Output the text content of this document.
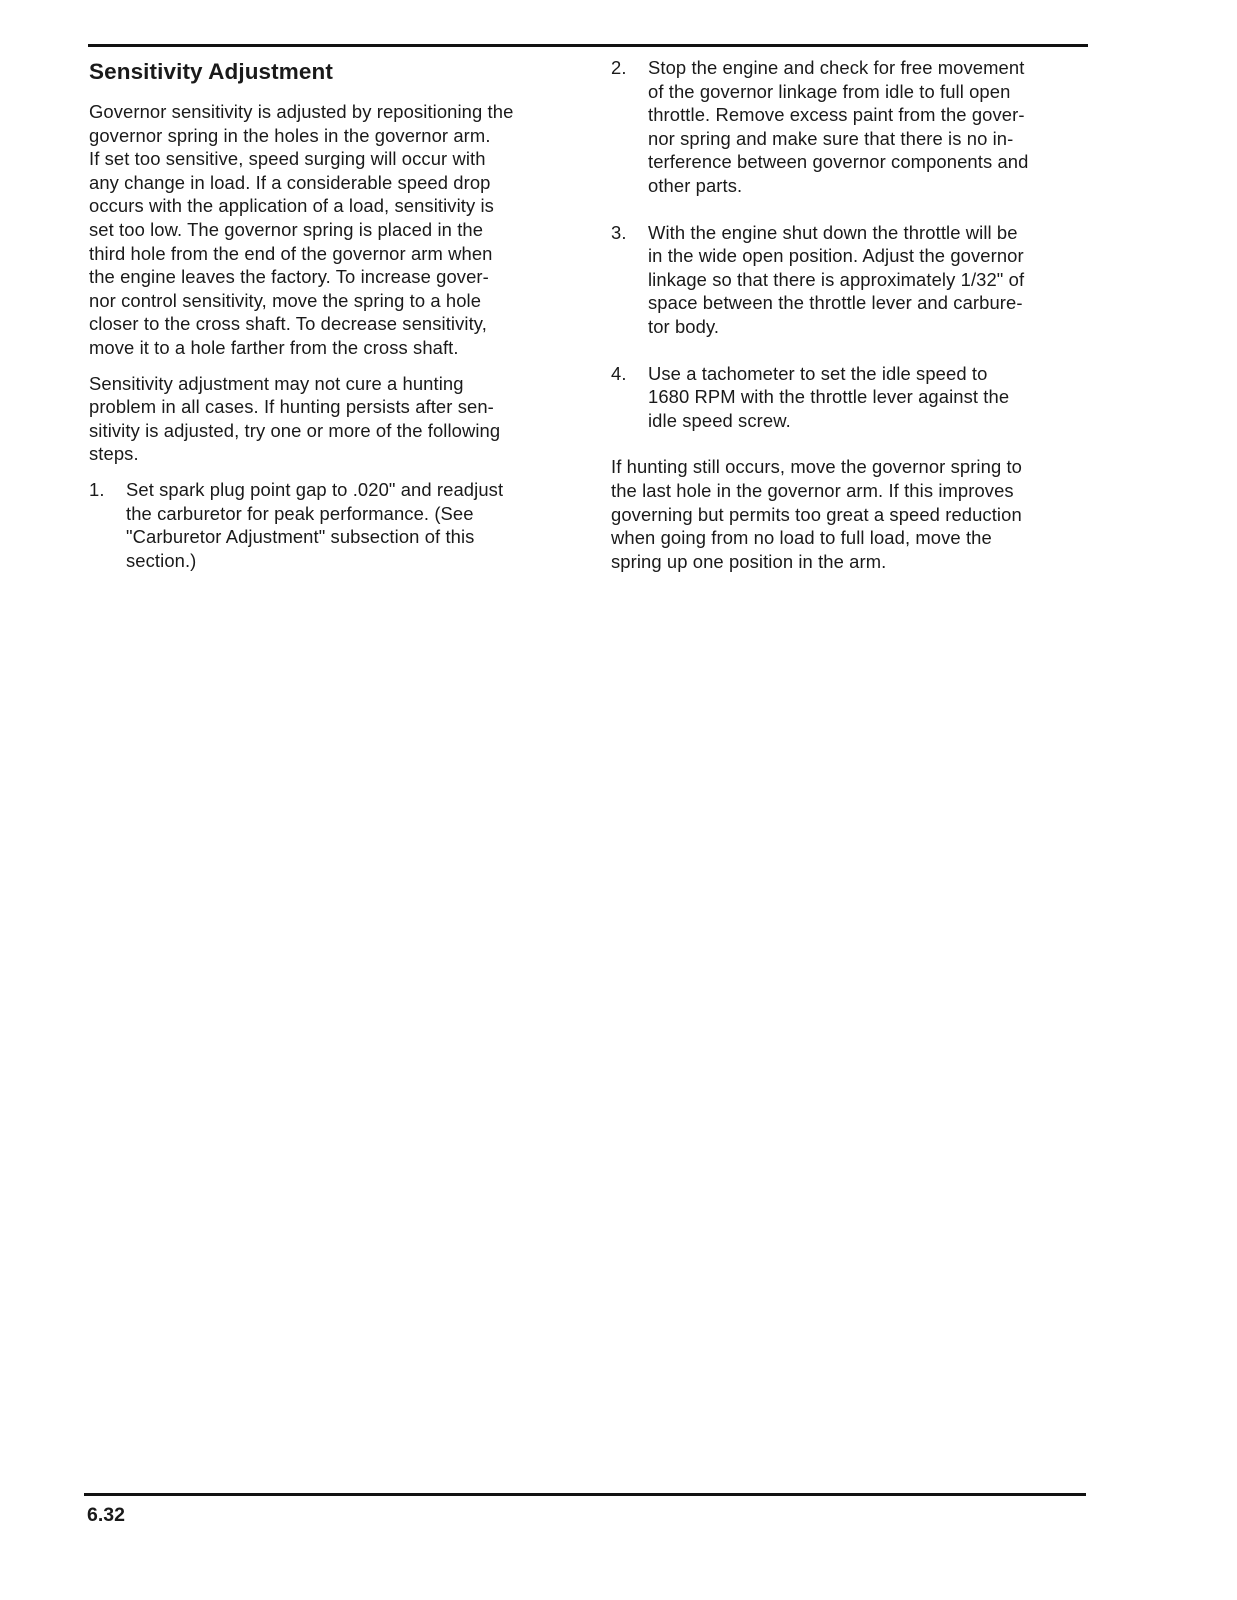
Sensitivity Adjustment
Governor sensitivity is adjusted by repositioning the
governor spring in the holes in the governor arm.
If set too sensitive, speed surging will occur with
any change in load. If a considerable speed drop
occurs with the application of a load, sensitivity is
set too low. The governor spring is placed in the
third hole from the end of the governor arm when
the engine leaves the factory. To increase gover-
nor control sensitivity, move the spring to a hole
closer to the cross shaft. To decrease sensitivity,
move it to a hole farther from the cross shaft.
Sensitivity adjustment may not cure a hunting
problem in all cases. If hunting persists after sen-
sitivity is adjusted, try one or more of the following
steps.
1. Set spark plug point gap to .020" and readjust
the carburetor for peak performance. (See
"Carburetor Adjustment" subsection of this
section.)
2. Stop the engine and check for free movement
of the governor linkage from idle to full open
throttle. Remove excess paint from the gover-
nor spring and make sure that there is no in-
terference between governor components and
other parts.
3. With the engine shut down the throttle will be
in the wide open position. Adjust the governor
linkage so that there is approximately 1/32" of
space between the throttle lever and carbure-
tor body.
4. Use a tachometer to set the idle speed to
1680 RPM with the throttle lever against the
idle speed screw.
If hunting still occurs, move the governor spring to
the last hole in the governor arm. If this improves
governing but permits too great a speed reduction
when going from no load to full load, move the
spring up one position in the arm.
6.32
